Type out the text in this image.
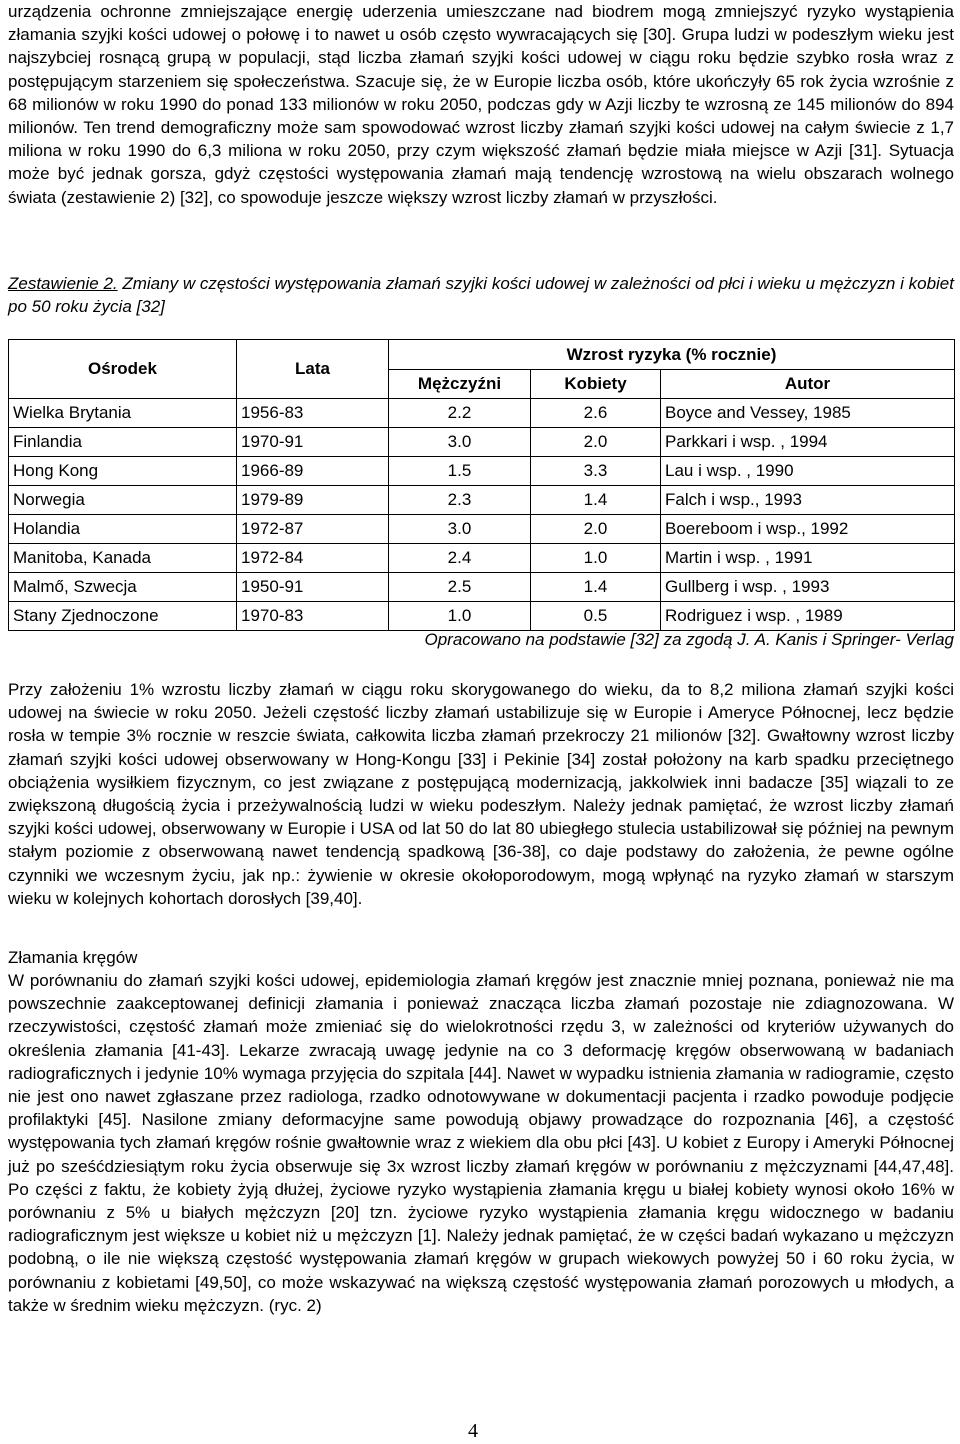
urządzenia ochronne zmniejszające energię uderzenia umieszczane nad biodrem mogą zmniejszyć ryzyko wystąpienia złamania szyjki kości udowej o połowę i to nawet u osób często wywracających się [30]. Grupa ludzi w podeszłym wieku jest najszybciej rosnącą grupą w populacji, stąd liczba złamań szyjki kości udowej w ciągu roku będzie szybko rosła wraz z postępującym starzeniem się społeczeństwa. Szacuje się, że w Europie liczba osób, które ukończyły 65 rok życia wzrośnie z 68 milionów w roku 1990 do ponad 133 milionów w roku 2050, podczas gdy w Azji liczby te wzrosną ze 145 milionów do 894 milionów. Ten trend demograficzny może sam spowodować wzrost liczby złamań szyjki kości udowej na całym świecie z 1,7 miliona w roku 1990 do 6,3 miliona w roku 2050, przy czym większość złamań będzie miała miejsce w Azji [31]. Sytuacja może być jednak gorsza, gdyż częstości występowania złamań mają tendencję wzrostową na wielu obszarach wolnego świata (zestawienie 2) [32], co spowoduje jeszcze większy wzrost liczby złamań w przyszłości.

Zestawienie 2. Zmiany w częstości występowania złamań szyjki kości udowej w zależności od płci i wieku u mężczyzn i kobiet po 50 roku życia [32]

Ośrodek	Lata	Wzrost ryzyka (% rocznie)		
		Mężczyźni	Kobiety	Autor
Wielka Brytania	1956-83	2.2	2.6	Boyce and Vessey, 1985
Finlandia	1970-91	3.0	2.0	Parkkari i wsp. , 1994
Hong Kong	1966-89	1.5	3.3	Lau i wsp. , 1990
Norwegia	1979-89	2.3	1.4	Falch i wsp., 1993
Holandia	1972-87	3.0	2.0	Boereboom i wsp., 1992
Manitoba, Kanada	1972-84	2.4	1.0	Martin i wsp. , 1991
Malmő, Szwecja	1950-91	2.5	1.4	Gullberg i wsp. , 1993
Stany Zjednoczone	1970-83	1.0	0.5	Rodriguez i wsp. , 1989

Opracowano na podstawie [32] za zgodą J. A. Kanis i Springer- Verlag

Przy założeniu 1% wzrostu liczby złamań w ciągu roku skorygowanego do wieku, da to 8,2 miliona złamań szyjki kości udowej na świecie w roku 2050. Jeżeli częstość liczby złamań ustabilizuje się w Europie i Ameryce Północnej, lecz będzie rosła w tempie 3% rocznie w reszcie świata, całkowita liczba złamań przekroczy 21 milionów [32]. Gwałtowny wzrost liczby złamań szyjki kości udowej obserwowany w Hong-Kongu [33] i Pekinie [34] został położony na karb spadku przeciętnego obciążenia wysiłkiem fizycznym, co jest związane z postępującą modernizacją, jakkolwiek inni badacze [35] wiązali to ze zwiększoną długością życia i przeżywalnością ludzi w wieku podeszłym. Należy jednak pamiętać, że wzrost liczby złamań szyjki kości udowej, obserwowany w Europie i USA od lat 50 do lat 80 ubiegłego stulecia ustabilizował się później na pewnym stałym poziomie z obserwowaną nawet tendencją spadkową [36-38], co daje podstawy do założenia, że pewne ogólne czynniki we wczesnym życiu, jak np.: żywienie w okresie okołoporodowym, mogą wpłynąć na ryzyko złamań w starszym wieku w kolejnych kohortach dorosłych [39,40].

Złamania kręgów

W porównaniu do złamań szyjki kości udowej, epidemiologia złamań kręgów jest znacznie mniej poznana, ponieważ nie ma powszechnie zaakceptowanej definicji złamania i ponieważ znacząca liczba złamań pozostaje nie zdiagnozowana. W rzeczywistości, częstość złamań może zmieniać się do wielokrotności rzędu 3, w zależności od kryteriów używanych do określenia złamania [41-43]. Lekarze zwracają uwagę jedynie na co 3 deformację kręgów obserwowaną w badaniach radiograficznych i jedynie 10% wymaga przyjęcia do szpitala [44]. Nawet w wypadku istnienia złamania w radiogramie, często nie jest ono nawet zgłaszane przez radiologa, rzadko odnotowywane w dokumentacji pacjenta i rzadko powoduje podjęcie profilaktyki [45]. Nasilone zmiany deformacyjne same powodują objawy prowadzące do rozpoznania [46], a częstość występowania tych złamań kręgów rośnie gwałtownie wraz z wiekiem dla obu płci [43]. U kobiet z Europy i Ameryki Północnej już po sześćdziesiątym roku życia obserwuje się 3x wzrost liczby złamań kręgów w porównaniu z mężczyznami [44,47,48]. Po części z faktu, że kobiety żyją dłużej, życiowe ryzyko wystąpienia złamania kręgu u białej kobiety wynosi około 16% w porównaniu z 5% u białych mężczyzn [20] tzn. życiowe ryzyko wystąpienia złamania kręgu widocznego w badaniu radiograficznym jest większe u kobiet niż u mężczyzn [1]. Należy jednak pamiętać, że w części badań wykazano u mężczyzn podobną, o ile nie większą częstość występowania złamań kręgów w grupach wiekowych powyżej 50 i 60 roku życia, w porównaniu z kobietami [49,50], co może wskazywać na większą częstość występowania złamań porozowych u młodych, a także w średnim wieku mężczyzn. (ryc. 2)

4
